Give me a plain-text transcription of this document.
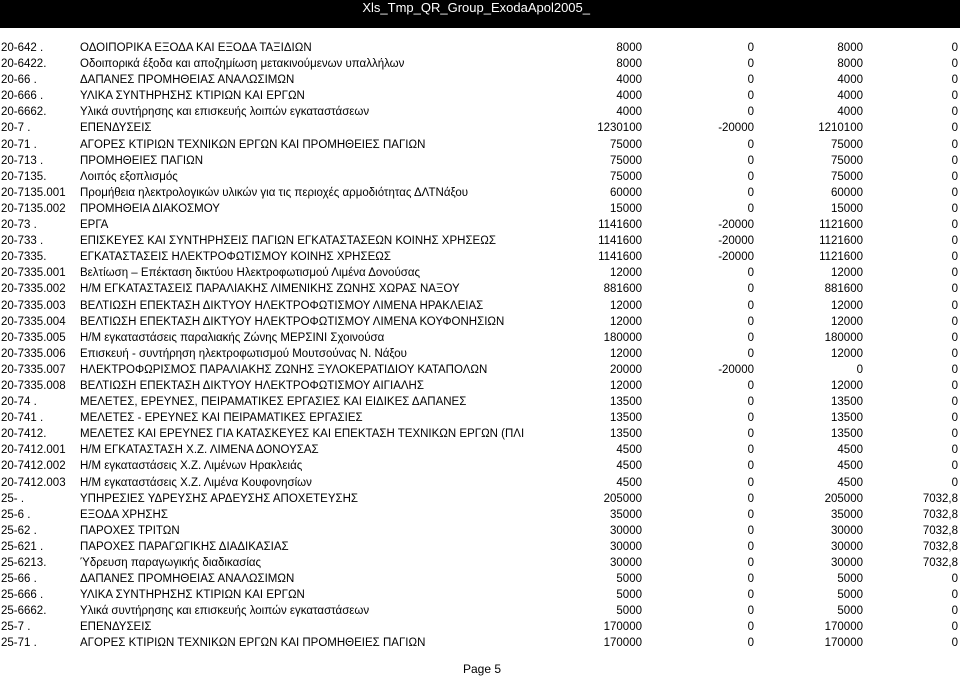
Xls_Tmp_QR_Group_ExodaApol2005_
20-642 .	ΟΔΟΙΠΟΡΙΚΑ ΕΞΟΔΑ ΚΑΙ ΕΞΟΔΑ ΤΑΞΙΔΙΩΝ	8000	0	8000	0
20-6422.	Οδοιπορικά έξοδα και αποζημίωση μετακινούμενων υπαλλήλων	8000	0	8000	0
20-66 .	ΔΑΠΑΝΕΣ ΠΡΟΜΗΘΕΙΑΣ ΑΝΑΛΩΣΙΜΩΝ	4000	0	4000	0
20-666 .	ΥΛΙΚΑ ΣΥΝΤΗΡΗΣΗΣ ΚΤΙΡΙΩΝ ΚΑΙ ΕΡΓΩΝ	4000	0	4000	0
20-6662.	Υλικά συντήρησης και επισκευής λοιπών εγκαταστάσεων	4000	0	4000	0
20-7 .	ΕΠΕΝΔΥΣΕΙΣ	1230100	-20000	1210100	0
20-71 .	ΑΓΟΡΕΣ ΚΤΙΡΙΩΝ ΤΕΧΝΙΚΩΝ ΕΡΓΩΝ ΚΑΙ ΠΡΟΜΗΘΕΙΕΣ ΠΑΓΙΩΝ	75000	0	75000	0
20-713 .	ΠΡΟΜΗΘΕΙΕΣ ΠΑΓΙΩΝ	75000	0	75000	0
20-7135.	Λοιπός εξοπλισμός	75000	0	75000	0
20-7135.001	Προμήθεια ηλεκτρολογικών υλικών για τις περιοχές αρμοδιότητας ΔΛΤΝάξου	60000	0	60000	0
20-7135.002	ΠΡΟΜΗΘΕΙΑ ΔΙΑΚΟΣΜΟΥ	15000	0	15000	0
20-73 .	ΕΡΓΑ	1141600	-20000	1121600	0
20-733 .	ΕΠΙΣΚΕΥΕΣ ΚΑΙ ΣΥΝΤΗΡΗΣΕΙΣ ΠΑΓΙΩΝ ΕΓΚΑΤΑΣΤΑΣΕΩΝ ΚΟΙΝΗΣ ΧΡΗΣΕΩΣ	1141600	-20000	1121600	0
20-7335.	ΕΓΚΑΤΑΣΤΑΣΕΙΣ ΗΛΕΚΤΡΟΦΩΤΙΣΜΟΥ ΚΟΙΝΗΣ ΧΡΗΣΕΩΣ	1141600	-20000	1121600	0
20-7335.001	Βελτίωση – Επέκταση δικτύου Ηλεκτροφωτισμού Λιμένα Δονούσας	12000	0	12000	0
20-7335.002	Η/Μ ΕΓΚΑΤΑΣΤΑΣΕΙΣ ΠΑΡΑΛΙΑΚΗΣ ΛΙΜΕΝΙΚΗΣ ΖΩΝΗΣ ΧΩΡΑΣ ΝΑΞΟΥ	881600	0	881600	0
20-7335.003	ΒΕΛΤΙΩΣΗ ΕΠΕΚΤΑΣΗ ΔΙΚΤΥΟΥ ΗΛΕΚΤΡΟΦΩΤΙΣΜΟΥ ΛΙΜΕΝΑ ΗΡΑΚΛΕΙΑΣ	12000	0	12000	0
20-7335.004	ΒΕΛΤΙΩΣΗ ΕΠΕΚΤΑΣΗ ΔΙΚΤΥΟΥ ΗΛΕΚΤΡΟΦΩΤΙΣΜΟΥ ΛΙΜΕΝΑ ΚΟΥΦΟΝΗΣΙΩΝ	12000	0	12000	0
20-7335.005	Η/Μ εγκαταστάσεις παραλιακής Ζώνης ΜΕΡΣΙΝΙ Σχοινούσα	180000	0	180000	0
20-7335.006	Επισκευή - συντήρηση ηλεκτροφωτισμού Μουτσούνας Ν. Νάξου	12000	0	12000	0
20-7335.007	ΗΛΕΚΤΡΟΦΩΡΙΣΜΟΣ ΠΑΡΑΛΙΑΚΗΣ ΖΩΝΗΣ ΞΥΛΟΚΕΡΑΤΙΔΙΟΥ ΚΑΤΑΠΟΛΩΝ	20000	-20000	0	0
20-7335.008	ΒΕΛΤΙΩΣΗ ΕΠΕΚΤΑΣΗ ΔΙΚΤΥΟΥ ΗΛΕΚΤΡΟΦΩΤΙΣΜΟΥ ΑΙΓΙΑΛΗΣ	12000	0	12000	0
20-74 .	ΜΕΛΕΤΕΣ, ΕΡΕΥΝΕΣ, ΠΕΙΡΑΜΑΤΙΚΕΣ ΕΡΓΑΣΙΕΣ ΚΑΙ ΕΙΔΙΚΕΣ ΔΑΠΑΝΕΣ	13500	0	13500	0
20-741 .	ΜΕΛΕΤΕΣ - ΕΡΕΥΝΕΣ ΚΑΙ ΠΕΙΡΑΜΑΤΙΚΕΣ ΕΡΓΑΣΙΕΣ	13500	0	13500	0
20-7412.	ΜΕΛΕΤΕΣ ΚΑΙ ΕΡΕΥΝΕΣ ΓΙΑ ΚΑΤΑΣΚΕΥΕΣ ΚΑΙ ΕΠΕΚΤΑΣΗ ΤΕΧΝΙΚΩΝ ΕΡΓΩΝ (ΠΛΙ	13500	0	13500	0
20-7412.001	Η/Μ ΕΓΚΑΤΑΣΤΑΣΗ Χ.Ζ. ΛΙΜΕΝΑ ΔΟΝΟΥΣΑΣ	4500	0	4500	0
20-7412.002	Η/Μ εγκαταστάσεις Χ.Ζ. Λιμένων Ηρακλειάς	4500	0	4500	0
20-7412.003	Η/Μ εγκαταστάσεις Χ.Ζ. Λιμένα Κουφονησίων	4500	0	4500	0
25- .	ΥΠΗΡΕΣΙΕΣ ΥΔΡΕΥΣΗΣ ΑΡΔΕΥΣΗΣ ΑΠΟΧΕΤΕΥΣΗΣ	205000	0	205000	7032,8
25-6 .	ΕΞΟΔΑ ΧΡΗΣΗΣ	35000	0	35000	7032,8
25-62 .	ΠΑΡΟΧΕΣ ΤΡΙΤΩΝ	30000	0	30000	7032,8
25-621 .	ΠΑΡΟΧΕΣ ΠΑΡΑΓΩΓΙΚΗΣ ΔΙΑΔΙΚΑΣΙΑΣ	30000	0	30000	7032,8
25-6213.	Ύδρευση παραγωγικής διαδικασίας	30000	0	30000	7032,8
25-66 .	ΔΑΠΑΝΕΣ ΠΡΟΜΗΘΕΙΑΣ ΑΝΑΛΩΣΙΜΩΝ	5000	0	5000	0
25-666 .	ΥΛΙΚΑ ΣΥΝΤΗΡΗΣΗΣ ΚΤΙΡΙΩΝ ΚΑΙ ΕΡΓΩΝ	5000	0	5000	0
25-6662.	Υλικά συντήρησης και επισκευής λοιπών εγκαταστάσεων	5000	0	5000	0
25-7 .	ΕΠΕΝΔΥΣΕΙΣ	170000	0	170000	0
25-71 .	ΑΓΟΡΕΣ ΚΤΙΡΙΩΝ ΤΕΧΝΙΚΩΝ ΕΡΓΩΝ ΚΑΙ ΠΡΟΜΗΘΕΙΕΣ ΠΑΓΙΩΝ	170000	0	170000	0
Page 5
